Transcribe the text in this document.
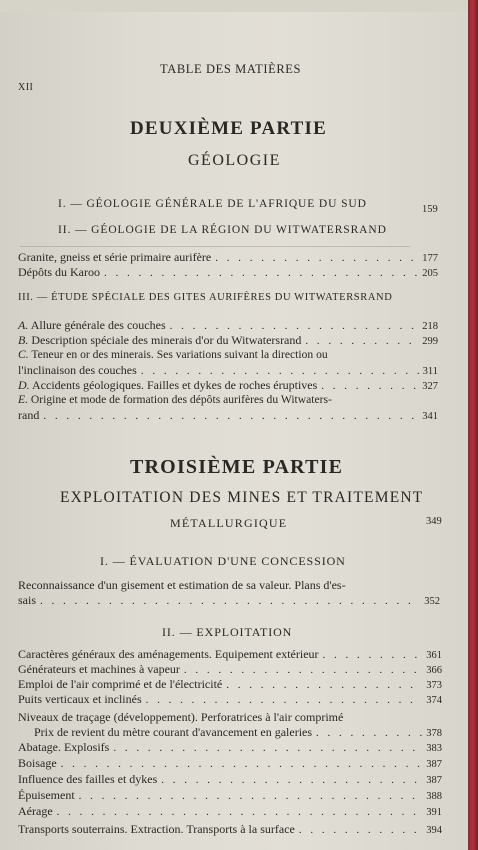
TABLE DES MATIÈRES
XII
DEUXIÈME PARTIE
GÉOLOGIE
I. — GÉOLOGIE GÉNÉRALE DE L'AFRIQUE DU SUD	159
II. — GÉOLOGIE DE LA RÉGION DU WITWATERSRAND
Granite, gneiss et série primaire aurifère . . .	177
Dépôts du Karoo . . .	205
III. — ÉTUDE SPÉCIALE DES GITES AURIFÈRES DU WITWATERSRAND
A. Allure générale des couches . . .	218
B. Description spéciale des minerais d'or du Witwatersrand . . .	299
C. Teneur en or des minerais. Ses variations suivant la direction ou
l'inclinaison des couches . . .	311
D. Accidents géologiques. Failles et dykes de roches éruptives . . .	327
E. Origine et mode de formation des dépôts aurifères du Witwaters-
rand . . .	341
TROISIÈME PARTIE
EXPLOITATION DES MINES ET TRAITEMENT
MÉTALLURGIQUE	349
I. — ÉVALUATION D'UNE CONCESSION
Reconnaissance d'un gisement et estimation de sa valeur. Plans d'es-
sais . . .	352
II. — EXPLOITATION
Caractères généraux des aménagements. Equipement extérieur . . .	361
Générateurs et machines à vapeur . . .	366
Emploi de l'air comprimé et de l'électricité . . .	373
Puits verticaux et inclinés . . .	374
Niveaux de traçage (développement). Perforatrices à l'air comprimé
Prix de revient du mètre courant d'avancement en galeries . . .	378
Abatage. Explosifs . . .	383
Boisage . . .	387
Influence des failles et dykes . . .	387
Épuisement . . .	388
Aérage . . .	391
Transports souterrains. Extraction. Transports à la surface . . .	394
